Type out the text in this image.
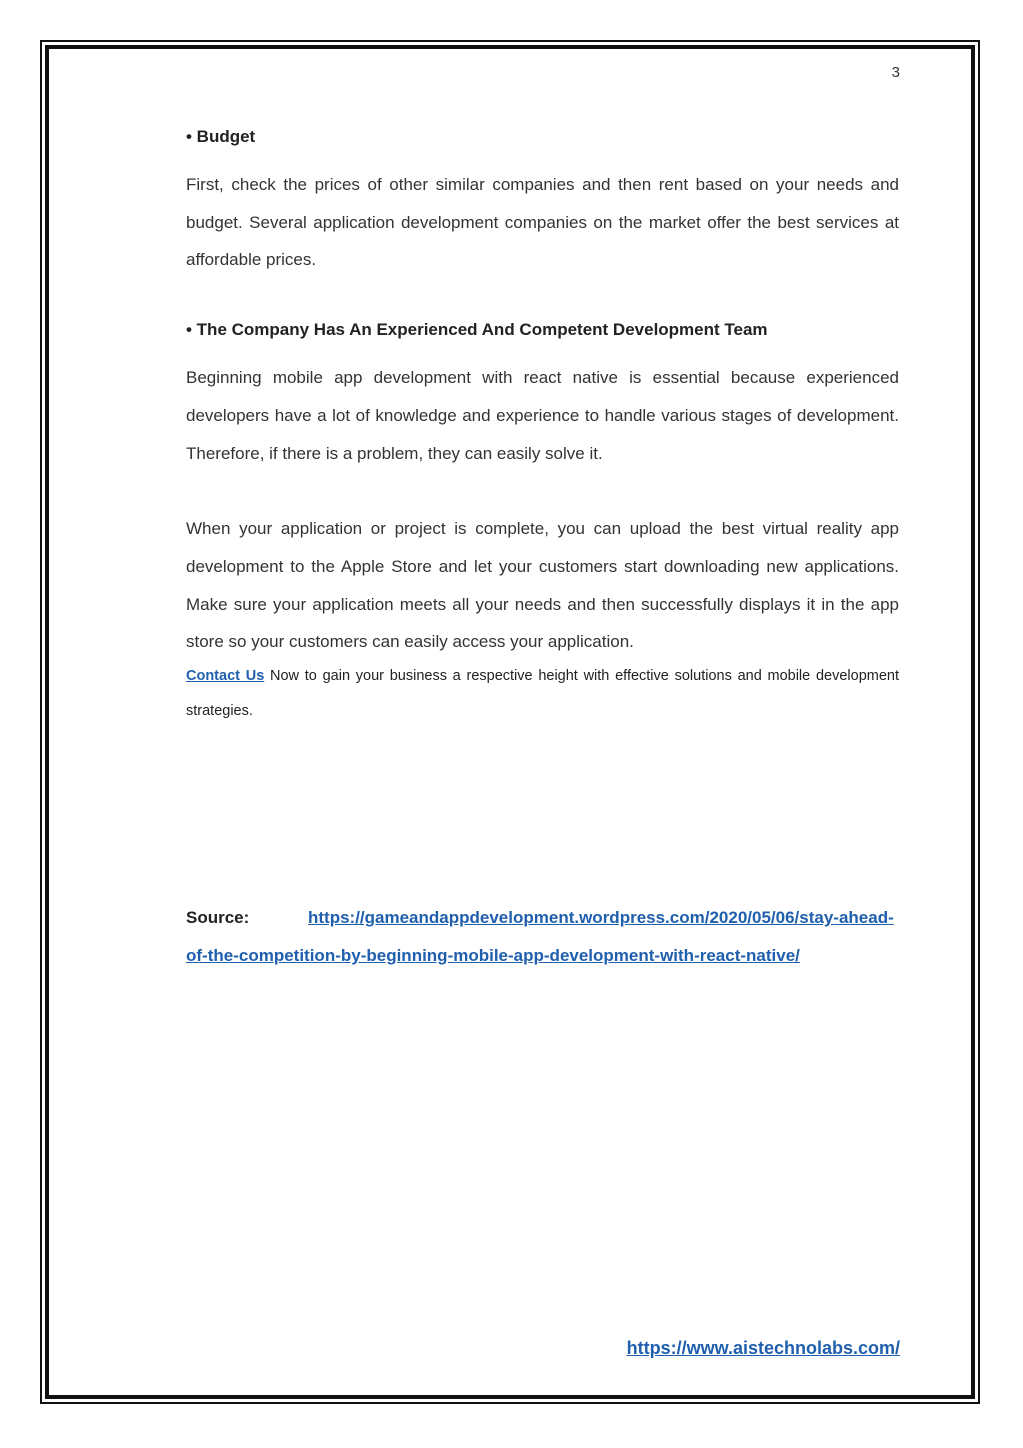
3

• Budget

First, check the prices of other similar companies and then rent based on your needs and budget. Several application development companies on the market offer the best services at affordable prices.

• The Company Has An Experienced And Competent Development Team

Beginning mobile app development with react native is essential because experienced developers have a lot of knowledge and experience to handle various stages of development. Therefore, if there is a problem, they can easily solve it.

When your application or project is complete, you can upload the best virtual reality app development to the Apple Store and let your customers start downloading new applications. Make sure your application meets all your needs and then successfully displays it in the app store so your customers can easily access your application.

Contact Us Now to gain your business a respective height with effective solutions and mobile development strategies.

Source:	https://gameandappdevelopment.wordpress.com/2020/05/06/stay-ahead-of-the-competition-by-beginning-mobile-app-development-with-react-native/

https://www.aistechnolabs.com/
